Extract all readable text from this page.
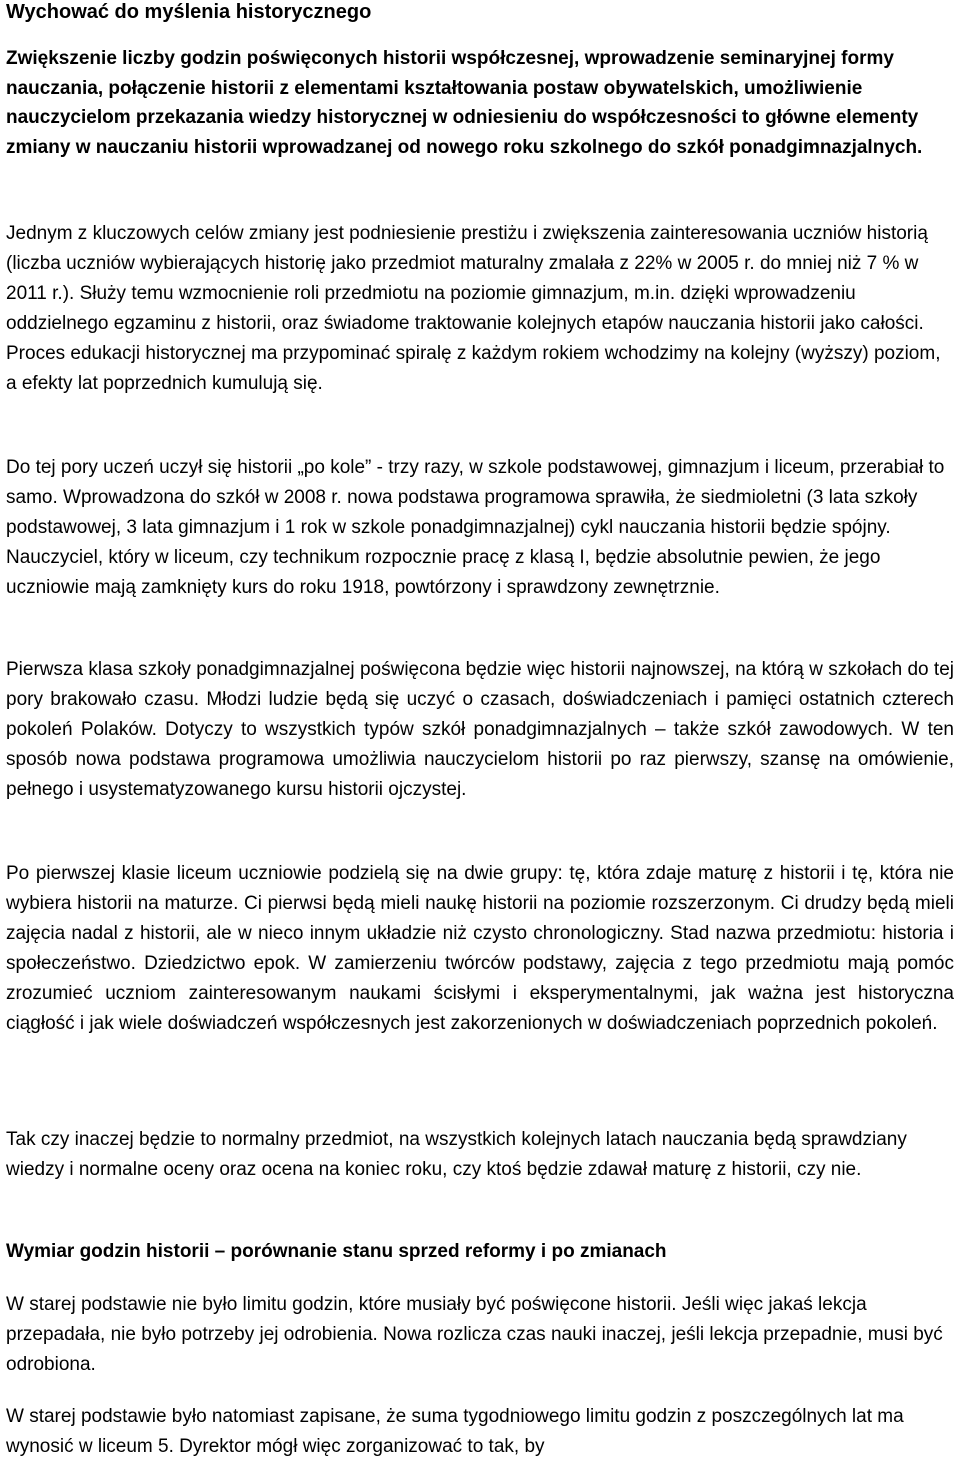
Wychować do myślenia historycznego

Zwiększenie liczby godzin poświęconych historii współczesnej, wprowadzenie seminaryjnej formy nauczania, połączenie historii z elementami kształtowania postaw obywatelskich, umożliwienie nauczycielom przekazania wiedzy historycznej w odniesieniu do współczesności to główne elementy zmiany w nauczaniu historii wprowadzanej od nowego roku szkolnego do szkół ponadgimnazjalnych.

Jednym z kluczowych celów zmiany jest podniesienie prestiżu i zwiększenia zainteresowania uczniów historią (liczba uczniów wybierających historię jako przedmiot maturalny zmalała z 22% w 2005 r. do mniej niż 7 % w 2011 r.). Służy temu wzmocnienie roli przedmiotu na poziomie gimnazjum, m.in. dzięki wprowadzeniu oddzielnego egzaminu z historii, oraz świadome traktowanie kolejnych etapów nauczania historii jako całości. Proces edukacji historycznej ma przypominać spiralę z każdym rokiem wchodzimy na kolejny (wyższy) poziom, a efekty lat poprzednich kumulują się.

Do tej pory uczeń uczył się historii „po kole” - trzy razy, w szkole podstawowej, gimnazjum i liceum, przerabiał to samo. Wprowadzona do szkół w 2008 r. nowa podstawa programowa sprawiła, że siedmioletni (3 lata szkoły podstawowej, 3 lata gimnazjum i 1 rok w szkole ponadgimnazjalnej) cykl nauczania historii będzie spójny. Nauczyciel, który w liceum, czy technikum rozpocznie pracę z klasą I, będzie absolutnie pewien, że jego uczniowie mają zamknięty kurs do roku 1918, powtórzony i sprawdzony zewnętrznie.

Pierwsza klasa szkoły ponadgimnazjalnej poświęcona będzie więc historii najnowszej, na którą w szkołach do tej pory brakowało czasu. Młodzi ludzie będą się uczyć o czasach, doświadczeniach i pamięci ostatnich czterech pokoleń Polaków. Dotyczy to wszystkich typów szkół ponadgimnazjalnych – także szkół zawodowych. W ten sposób nowa podstawa programowa umożliwia nauczycielom historii po raz pierwszy, szansę na omówienie, pełnego i usystematyzowanego kursu historii ojczystej.

Po pierwszej klasie liceum uczniowie podzielą się na dwie grupy: tę, która zdaje maturę z historii i tę, która nie wybiera historii na maturze. Ci pierwsi będą mieli naukę historii na poziomie rozszerzonym. Ci drudzy będą mieli zajęcia nadal z historii, ale w nieco innym układzie niż czysto chronologiczny. Stad nazwa przedmiotu: historia i społeczeństwo. Dziedzictwo epok. W zamierzeniu twórców podstawy, zajęcia z tego przedmiotu mają pomóc zrozumieć uczniom zainteresowanym naukami ścisłymi i eksperymentalnymi, jak ważna jest historyczna ciągłość i jak wiele doświadczeń współczesnych jest zakorzenionych w doświadczeniach poprzednich pokoleń.

Tak czy inaczej będzie to normalny przedmiot, na wszystkich kolejnych latach nauczania będą sprawdziany wiedzy i normalne oceny oraz ocena na koniec roku, czy ktoś będzie zdawał maturę z historii, czy nie.

Wymiar godzin historii – porównanie stanu sprzed reformy i po zmianach

W starej podstawie nie było limitu godzin, które musiały być poświęcone historii. Jeśli więc jakaś lekcja przepadała, nie było potrzeby jej odrobienia. Nowa rozlicza czas nauki inaczej, jeśli lekcja przepadnie, musi być odrobiona.

W starej podstawie było natomiast zapisane, że suma tygodniowego limitu godzin z poszczególnych lat ma wynosić w liceum 5. Dyrektor mógł więc zorganizować to tak, by
